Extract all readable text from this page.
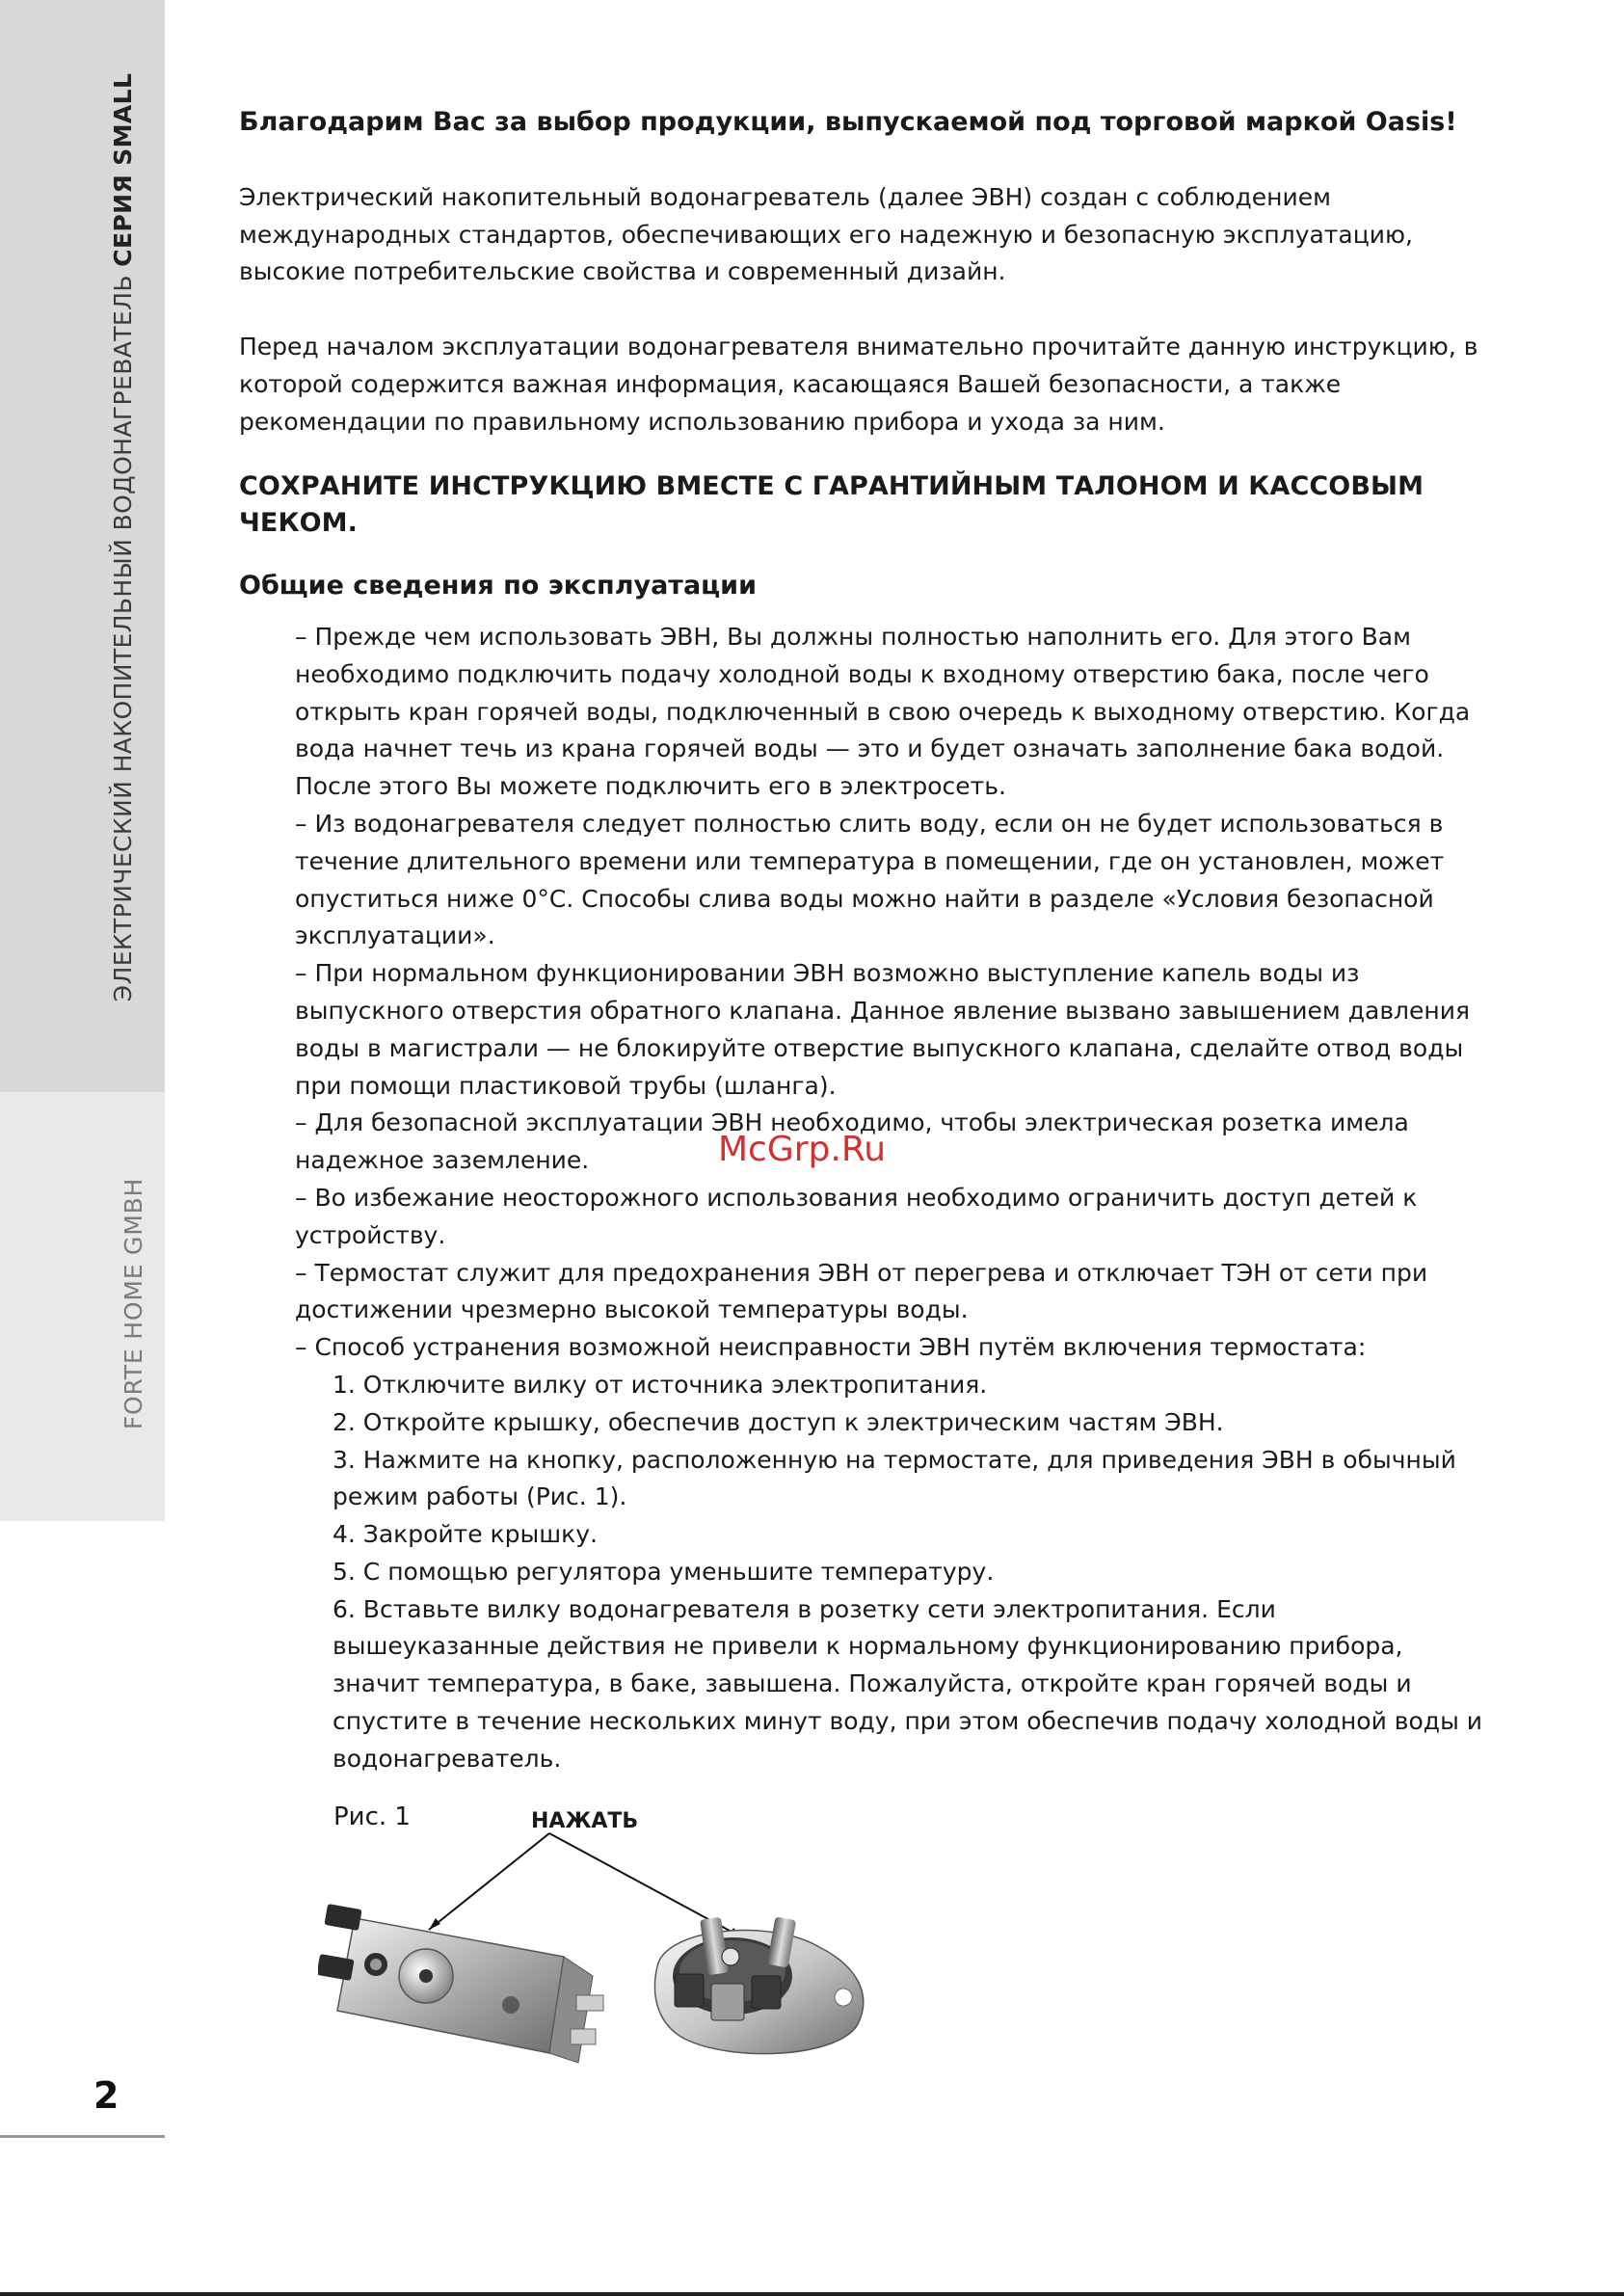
ЭЛЕКТРИЧЕСКИЙ НАКОПИТЕЛЬНЫЙ ВОДОНАГРЕВАТЕЛЬ СЕРИЯ SMALL
FORTE HOME GMBH
2
Благодарим Вас за выбор продукции, выпускаемой под торговой маркой Oasis!
Электрический накопительный водонагреватель (далее ЭВН) создан с соблюдением международных стандартов, обеспечивающих его надежную и безопасную эксплуатацию, высокие потребительские свойства и современный дизайн.
Перед началом эксплуатации водонагревателя внимательно прочитайте данную инструкцию, в которой содержится важная информация, касающаяся Вашей безопасности, а также рекомендации по правильному использованию прибора и ухода за ним.
СОХРАНИТЕ ИНСТРУКЦИЮ ВМЕСТЕ С ГАРАНТИЙНЫМ ТАЛОНОМ И КАССОВЫМ ЧЕКОМ.
Общие сведения по эксплуатации
– Прежде чем использовать ЭВН, Вы должны полностью наполнить его. Для этого Вам необходимо подключить подачу холодной воды к входному отверстию бака, после чего открыть кран горячей воды, подключенный в свою очередь к выходному отверстию. Когда вода начнет течь из крана горячей воды — это и будет означать заполнение бака водой. После этого Вы можете подключить его в электросеть.
– Из водонагревателя следует полностью слить воду, если он не будет использоваться в течение длительного времени или температура в помещении, где он установлен, может опуститься ниже 0°С. Способы слива воды можно найти в разделе «Условия безопасной эксплуатации».
– При нормальном функционировании ЭВН возможно выступление капель воды из выпускного отверстия обратного клапана. Данное явление вызвано завышением давления воды в магистрали — не блокируйте отверстие выпускного клапана, сделайте отвод воды при помощи пластиковой трубы (шланга).
– Для безопасной эксплуатации ЭВН необходимо, чтобы электрическая розетка имела надежное заземление.
– Во избежание неосторожного использования необходимо ограничить доступ детей к устройству.
– Термостат служит для предохранения ЭВН от перегрева и отключает ТЭН от сети при достижении чрезмерно высокой температуры воды.
– Способ устранения возможной неисправности ЭВН путём включения термостата:
1. Отключите вилку от источника электропитания.
2. Откройте крышку, обеспечив доступ к электрическим частям ЭВН.
3. Нажмите на кнопку, расположенную на термостате, для приведения ЭВН в обычный режим работы (Рис. 1).
4. Закройте крышку.
5. С помощью регулятора уменьшите температуру.
6. Вставьте вилку водонагревателя в розетку сети электропитания. Если вышеуказанные действия не привели к нормальному функционированию прибора, значит температура, в баке, завышена. Пожалуйста, откройте кран горячей воды и спустите в течение нескольких минут воду, при этом обеспечив подачу холодной воды и водонагреватель.
McGrp.Ru
Рис. 1	НАЖАТЬ
